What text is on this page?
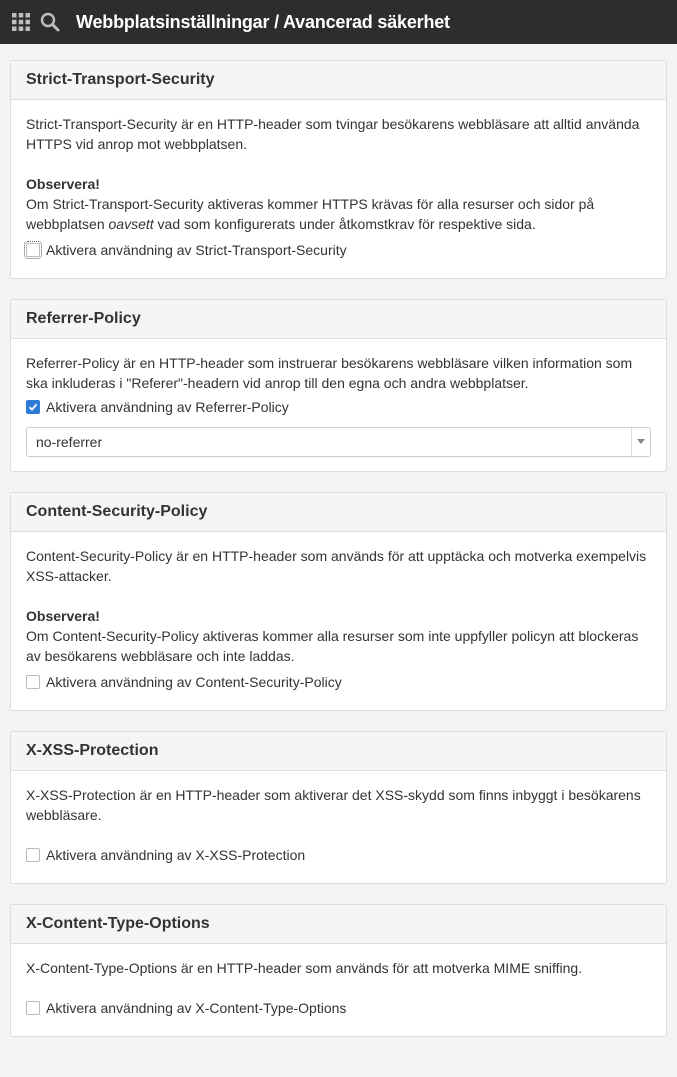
Webbplatsinställningar / Avancerad säkerhet
Strict-Transport-Security

Strict-Transport-Security är en HTTP-header som tvingar besökarens webbläsare att alltid använda HTTPS vid anrop mot webbplatsen.

Observera!

Om Strict-Transport-Security aktiveras kommer HTTPS krävas för alla resurser och sidor på webbplatsen oavsett vad som konfigurerats under åtkomstkrav för respektive sida.

Aktivera användning av Strict-Transport-Security
Referrer-Policy

Referrer-Policy är en HTTP-header som instruerar besökarens webbläsare vilken information som ska inkluderas i "Referer"-headern vid anrop till den egna och andra webbplatser.

Aktivera användning av Referrer-Policy
no-referrer
Content-Security-Policy

Content-Security-Policy är en HTTP-header som används för att upptäcka och motverka exempelvis XSS-attacker.

Observera!

Om Content-Security-Policy aktiveras kommer alla resurser som inte uppfyller policyn att blockeras av besökarens webbläsare och inte laddas.

Aktivera användning av Content-Security-Policy
X-XSS-Protection

X-XSS-Protection är en HTTP-header som aktiverar det XSS-skydd som finns inbyggt i besökarens webbläsare.

Aktivera användning av X-XSS-Protection
X-Content-Type-Options

X-Content-Type-Options är en HTTP-header som används för att motverka MIME sniffing.

Aktivera användning av X-Content-Type-Options
